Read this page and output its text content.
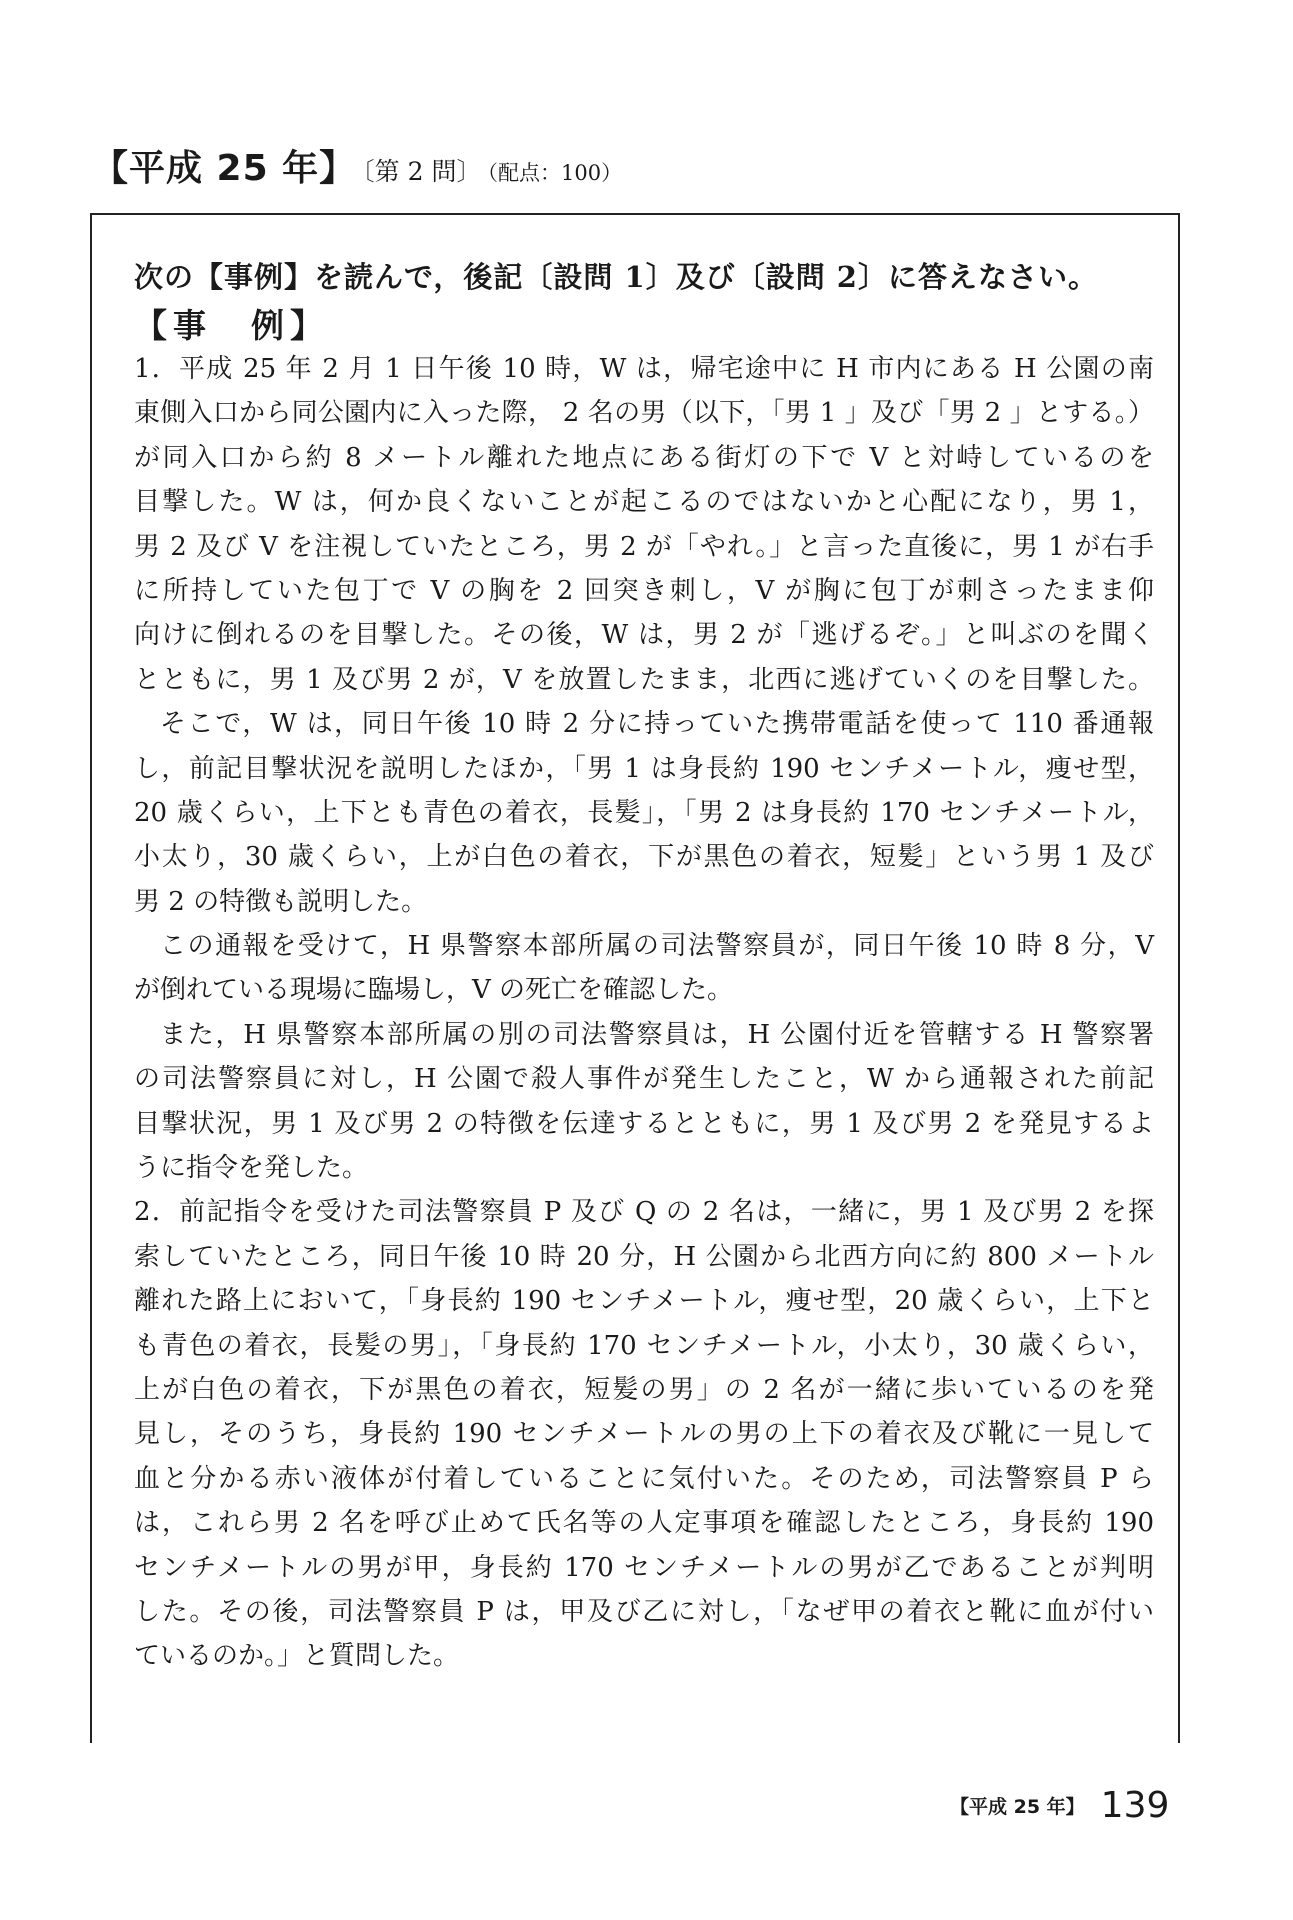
【平成 25 年】 〔第 2 問〕 （配点：100）
次の【事例】を読んで，後記〔設問 1〕及び〔設問 2〕に答えなさい。
【事　例】
1．平成 25 年 2 月 1 日午後 10 時，W は，帰宅途中に H 市内にある H 公園の南
東側入口から同公園内に入った際， 2 名の男（以下，「男 1 」及び「男 2 」とする。）
が同入口から約 8 メートル離れた地点にある街灯の下で V と対峙しているのを
目撃した。W は，何か良くないことが起こるのではないかと心配になり，男 1，
男 2 及び V を注視していたところ，男 2 が「やれ。」と言った直後に，男 1 が右手
に所持していた包丁で V の胸を 2 回突き刺し，V が胸に包丁が刺さったまま仰
向けに倒れるのを目撃した。その後，W は，男 2 が「逃げるぞ。」と叫ぶのを聞く
とともに，男 1 及び男 2 が，V を放置したまま，北西に逃げていくのを目撃した。
そこで，W は，同日午後 10 時 2 分に持っていた携帯電話を使って 110 番通報
し，前記目撃状況を説明したほか，「男 1 は身長約 190 センチメートル，痩せ型，
20 歳くらい，上下とも青色の着衣，長髪」，「男 2 は身長約 170 センチメートル，
小太り，30 歳くらい，上が白色の着衣，下が黒色の着衣，短髪」という男 1 及び
男 2 の特徴も説明した。
この通報を受けて，H 県警察本部所属の司法警察員が，同日午後 10 時 8 分，V
が倒れている現場に臨場し，V の死亡を確認した。
また，H 県警察本部所属の別の司法警察員は，H 公園付近を管轄する H 警察署
の司法警察員に対し，H 公園で殺人事件が発生したこと，W から通報された前記
目撃状況，男 1 及び男 2 の特徴を伝達するとともに，男 1 及び男 2 を発見するよ
うに指令を発した。
2．前記指令を受けた司法警察員 P 及び Q の 2 名は，一緒に，男 1 及び男 2 を探
索していたところ，同日午後 10 時 20 分，H 公園から北西方向に約 800 メートル
離れた路上において，「身長約 190 センチメートル，痩せ型，20 歳くらい，上下と
も青色の着衣，長髪の男」，「身長約 170 センチメートル，小太り，30 歳くらい，
上が白色の着衣，下が黒色の着衣，短髪の男」の 2 名が一緒に歩いているのを発
見し，そのうち，身長約 190 センチメートルの男の上下の着衣及び靴に一見して
血と分かる赤い液体が付着していることに気付いた。そのため，司法警察員 P ら
は，これら男 2 名を呼び止めて氏名等の人定事項を確認したところ，身長約 190
センチメートルの男が甲，身長約 170 センチメートルの男が乙であることが判明
した。その後，司法警察員 P は，甲及び乙に対し，「なぜ甲の着衣と靴に血が付い
ているのか。」と質問した。
【平成 25 年】 139
